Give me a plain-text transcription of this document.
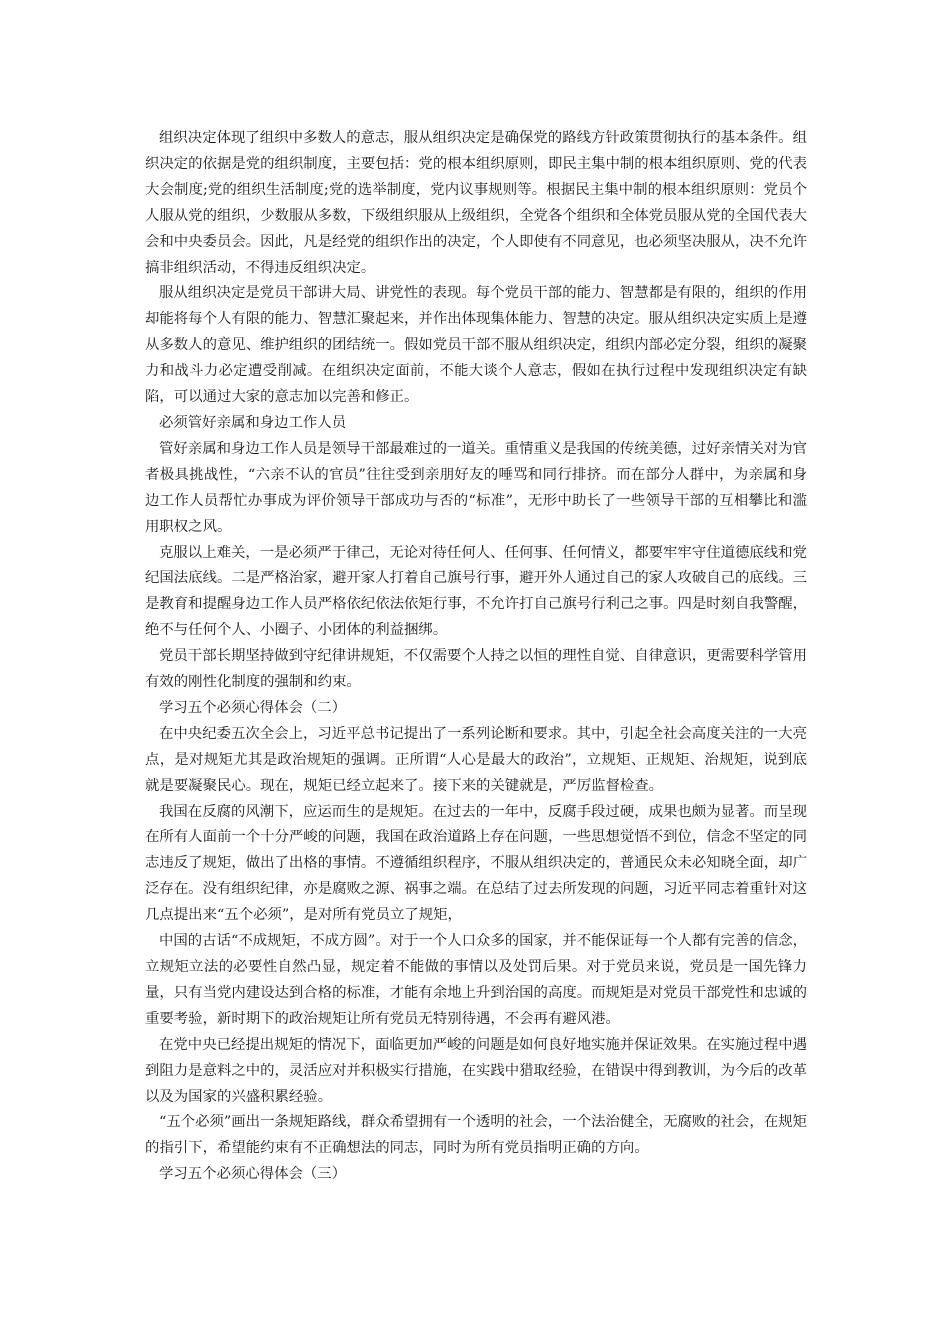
组织决定体现了组织中多数人的意志，服从组织决定是确保党的路线方针政策贯彻执行的基本条件。组织决定的依据是党的组织制度，主要包括：党的根本组织原则，即民主集中制的根本组织原则、党的代表大会制度;党的组织生活制度;党的选举制度，党内议事规则等。根据民主集中制的根本组织原则：党员个人服从党的组织，少数服从多数，下级组织服从上级组织，全党各个组织和全体党员服从党的全国代表大会和中央委员会。因此，凡是经党的组织作出的决定，个人即使有不同意见，也必须坚决服从，决不允许搞非组织活动，不得违反组织决定。

服从组织决定是党员干部讲大局、讲党性的表现。每个党员干部的能力、智慧都是有限的，组织的作用却能将每个人有限的能力、智慧汇聚起来，并作出体现集体能力、智慧的决定。服从组织决定实质上是遵从多数人的意见、维护组织的团结统一。假如党员干部不服从组织决定，组织内部必定分裂，组织的凝聚力和战斗力必定遭受削减。在组织决定面前，不能大谈个人意志，假如在执行过程中发现组织决定有缺陷，可以通过大家的意志加以完善和修正。

必须管好亲属和身边工作人员

管好亲属和身边工作人员是领导干部最难过的一道关。重情重义是我国的传统美德，过好亲情关对为官者极具挑战性，“六亲不认的官员”往往受到亲朋好友的唾骂和同行排挤。而在部分人群中，为亲属和身边工作人员帮忙办事成为评价领导干部成功与否的“标准”，无形中助长了一些领导干部的互相攀比和滥用职权之风。

克服以上难关，一是必须严于律己，无论对待任何人、任何事、任何情义，都要牢牢守住道德底线和党纪国法底线。二是严格治家，避开家人打着自己旗号行事，避开外人通过自己的家人攻破自己的底线。三是教育和提醒身边工作人员严格依纪依法依矩行事，不允许打自己旗号行利己之事。四是时刻自我警醒，绝不与任何个人、小圈子、小团体的利益捆绑。

党员干部长期坚持做到守纪律讲规矩，不仅需要个人持之以恒的理性自觉、自律意识，更需要科学管用有效的刚性化制度的强制和约束。

学习五个必须心得体会（二）

在中央纪委五次全会上，习近平总书记提出了一系列论断和要求。其中，引起全社会高度关注的一大亮点，是对规矩尤其是政治规矩的强调。正所谓“人心是最大的政治”，立规矩、正规矩、治规矩，说到底就是要凝聚民心。现在，规矩已经立起来了。接下来的关键就是，严厉监督检查。

我国在反腐的风潮下，应运而生的是规矩。在过去的一年中，反腐手段过硬，成果也颇为显著。而呈现在所有人面前一个十分严峻的问题，我国在政治道路上存在问题，一些思想觉悟不到位，信念不坚定的同志违反了规矩，做出了出格的事情。不遵循组织程序，不服从组织决定的，普通民众未必知晓全面，却广泛存在。没有组织纪律，亦是腐败之源、祸事之端。在总结了过去所发现的问题，习近平同志着重针对这几点提出来“五个必须”，是对所有党员立了规矩，

中国的古话“不成规矩，不成方圆”。对于一个人口众多的国家，并不能保证每一个人都有完善的信念，立规矩立法的必要性自然凸显，规定着不能做的事情以及处罚后果。对于党员来说，党员是一国先锋力量，只有当党内建设达到合格的标准，才能有余地上升到治国的高度。而规矩是对党员干部党性和忠诚的重要考验，新时期下的政治规矩让所有党员无特别待遇，不会再有避风港。

在党中央已经提出规矩的情况下，面临更加严峻的问题是如何良好地实施并保证效果。在实施过程中遇到阻力是意料之中的，灵活应对并积极实行措施，在实践中猎取经验，在错误中得到教训，为今后的改革以及为国家的兴盛积累经验。

“五个必须”画出一条规矩路线，群众希望拥有一个透明的社会，一个法治健全，无腐败的社会，在规矩的指引下，希望能约束有不正确想法的同志，同时为所有党员指明正确的方向。

学习五个必须心得体会（三）
